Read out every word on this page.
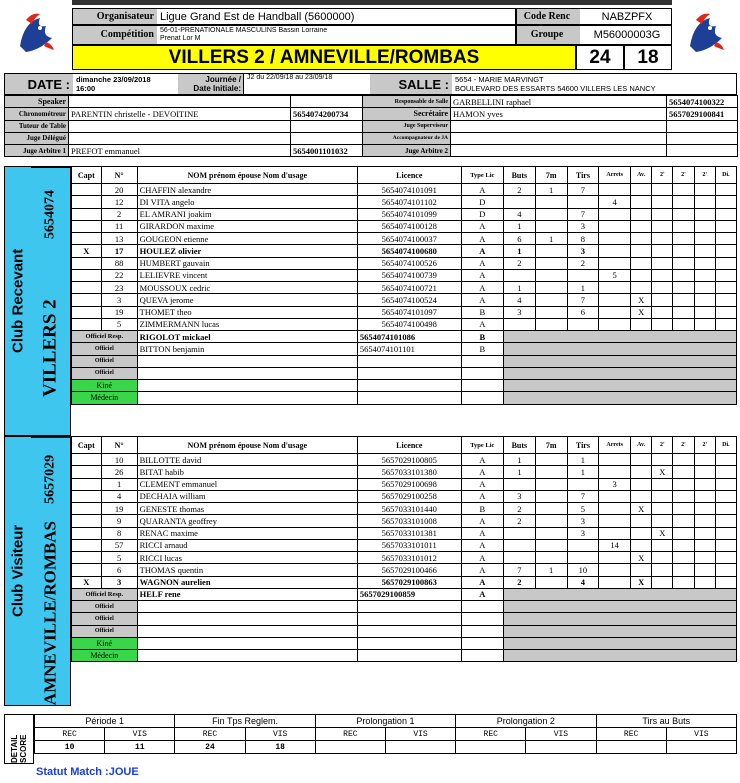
Organisateur Ligue Grand Est de Handball (5600000)	Code Renc	NABZPFX
Compétition 56-01-PRENATIONALE MASCULINS Bassin Lorraine
Prenat Lor M	Groupe	M56000003G
VILLERS 2 / AMNEVILLE/ROMBAS	24 18
DATE : dimanche 23/09/2018
16:00
Journée /
Date Initiale:
J2 du 22/09/18 au 23/09/18	SALLE : 5654 - MARIE MARVINGT
BOULEVARD DES ESSARTS 54600 VILLERS LES NANCY
Speaker			Responsable de Salle	GARBELLINI raphael	5654074100322
Chronométreur	PARENTIN christelle - DEVOITINE	5654074200734	Secrétaire	HAMON yves	5657029100841
Tuteur de Table			Juge Superviseur		
Juge Délégué			Accompagnateur de JA		
Juge Arbitre 1	PREFOT emmanuel	5654001101032	Juge Arbitre 2		
Club Recevant
5654074
VILLERS 2
Capt	N°	NOM prénom épouse Nom d'usage	Licence	Type Lic	Buts	7m	Tirs	Arrets	Av.	2'	2'	2'	Di.
	20	CHAFFIN alexandre	5654074101091	A	2	1	7						
	12	DI VITA angelo	5654074101102	D				4					
	2	EL AMRANI joakim	5654074101099	D	4		7						
	11	GIRARDON maxime	5654074100128	A	1		3						
	13	GOUGEON etienne	5654074100037	A	6	1	8						
X	17	HOULEZ olivier	5654074100680	A	1		3						
	88	HUMBERT gauvain	5654074100526	A	2		2						
	22	LELIEVRE vincent	5654074100739	A				5					
	23	MOUSSOUX cedric	5654074100721	A	1		1						
	3	QUEVA jerome	5654074100524	A	4		7		X				
	19	THOMET theo	5654074101097	B	3		6		X				
	5	ZIMMERMANN lucas	5654074100498	A									
Officiel Resp.		RIGOLOT mickael	5654074101086	B									
Officiel		BITTON benjamin	5654074101101	B									
Officiel													
Officiel													
Kiné													
Médecin													
Club Visiteur
5657029
AMNEVILLE/ROMBAS
Capt	N°	NOM prénom épouse Nom d'usage	Licence	Type Lic	Buts	7m	Tirs	Arrets	Av.	2'	2'	2'	Di.
	10	BILLOTTE david	5657029100805	A	1		1						
	26	BITAT habib	5657033101380	A	1		1			X			
	1	CLEMENT emmanuel	5657029100698	A				3					
	4	DECHAIA william	5657029100258	A	3		7						
	19	GENESTE thomas	5657033101440	B	2		5		X				
	9	QUARANTA geoffrey	5657033101008	A	2		3						
	8	RENAC maxime	5657033101381	A			3			X			
	57	RICCI arnaud	5657033101011	A				14					
	5	RICCI lucas	5657033101012	A					X				
	6	THOMAS quentin	5657029100466	A	7	1	10						
X	3	WAGNON aurelien	5657029100863	A	2		4		X				
Officiel Resp.		HELF rene	5657029100859	A									
Officiel													
Officiel													
Officiel													
Kiné													
Médecin													
DETAIL SCORE
Période 1		Fin Tps Reglem.		Prolongation 1		Prolongation 2		Tirs au Buts	
REC	VIS	REC	VIS	REC	VIS	REC	VIS	REC	VIS
10	11	24	18						
Statut Match :JOUE
